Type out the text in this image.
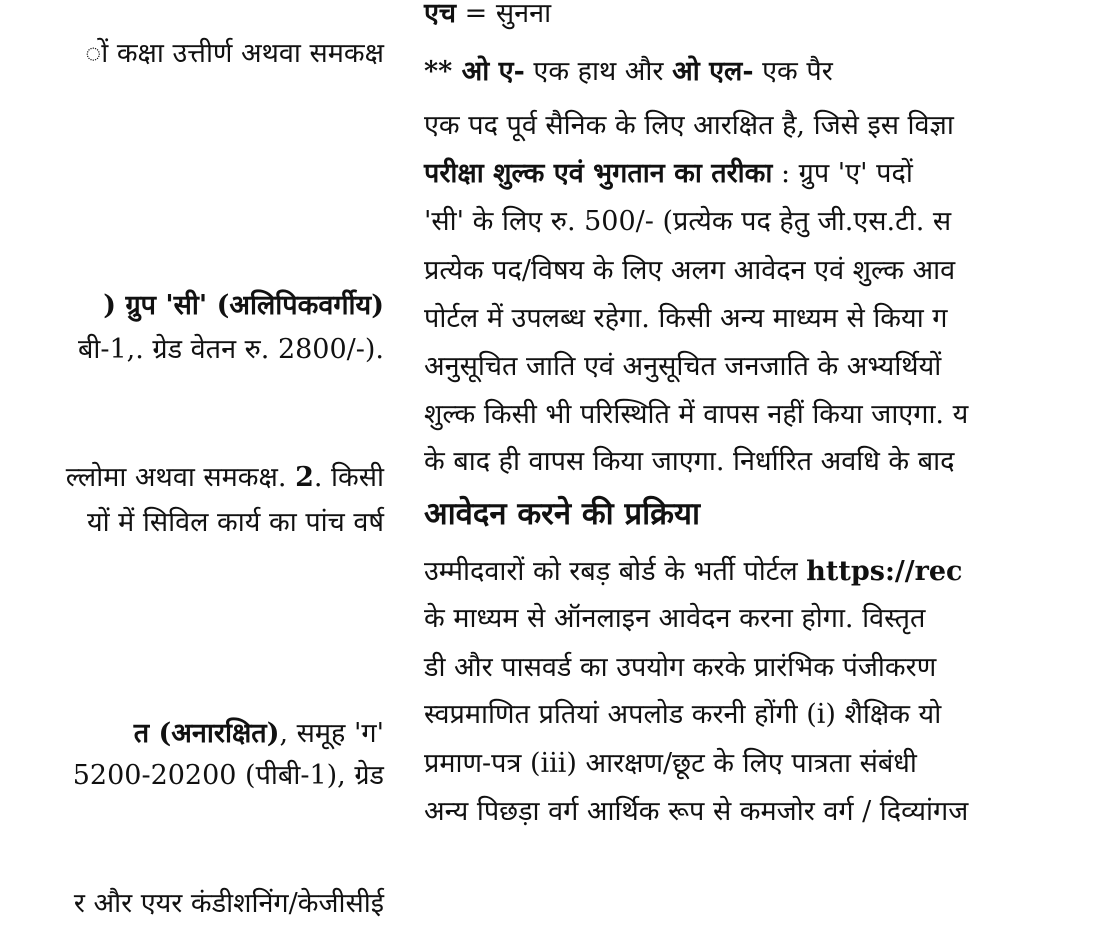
ों कक्षा उत्तीर्ण अथवा समकक्ष
) ग्रुप 'सी' (अलिपिकवर्गीय)
बी-1,. ग्रेड वेतन रु. 2800/-).
ल्लोमा अथवा समकक्ष. 2. किसी
यों में सिविल कार्य का पांच वर्ष
त (अनारक्षित), समूह 'ग'
5200-20200 (पीबी-1), ग्रेड
र और एयर कंडीशनिंग/केजीसीई
एच = सुनना
** ओ ए- एक हाथ और ओ एल- एक पैर
एक पद पूर्व सैनिक के लिए आरक्षित है, जिसे इस विज्ञा
परीक्षा शुल्क एवं भुगतान का तरीका : ग्रुप 'ए' पदों
'सी' के लिए रु. 500/- (प्रत्येक पद हेतु जी.एस.टी. स
प्रत्येक पद/विषय के लिए अलग आवेदन एवं शुल्क आव
पोर्टल में उपलब्ध रहेगा. किसी अन्य माध्यम से किया ग
अनुसूचित जाति एवं अनुसूचित जनजाति के अभ्यर्थियों
शुल्क किसी भी परिस्थिति में वापस नहीं किया जाएगा. य
के बाद ही वापस किया जाएगा. निर्धारित अवधि के बाद
आवेदन करने की प्रक्रिया
उम्मीदवारों को रबड़ बोर्ड के भर्ती पोर्टल https://rec
के माध्यम से ऑनलाइन आवेदन करना होगा. विस्तृत
डी और पासवर्ड का उपयोग करके प्रारंभिक पंजीकरण
स्वप्रमाणित प्रतियां अपलोड करनी होंगी (i) शैक्षिक यो
प्रमाण-पत्र (iii) आरक्षण/छूट के लिए पात्रता संबंधी
अन्य पिछड़ा वर्ग आर्थिक रूप से कमजोर वर्ग / दिव्यांगज
